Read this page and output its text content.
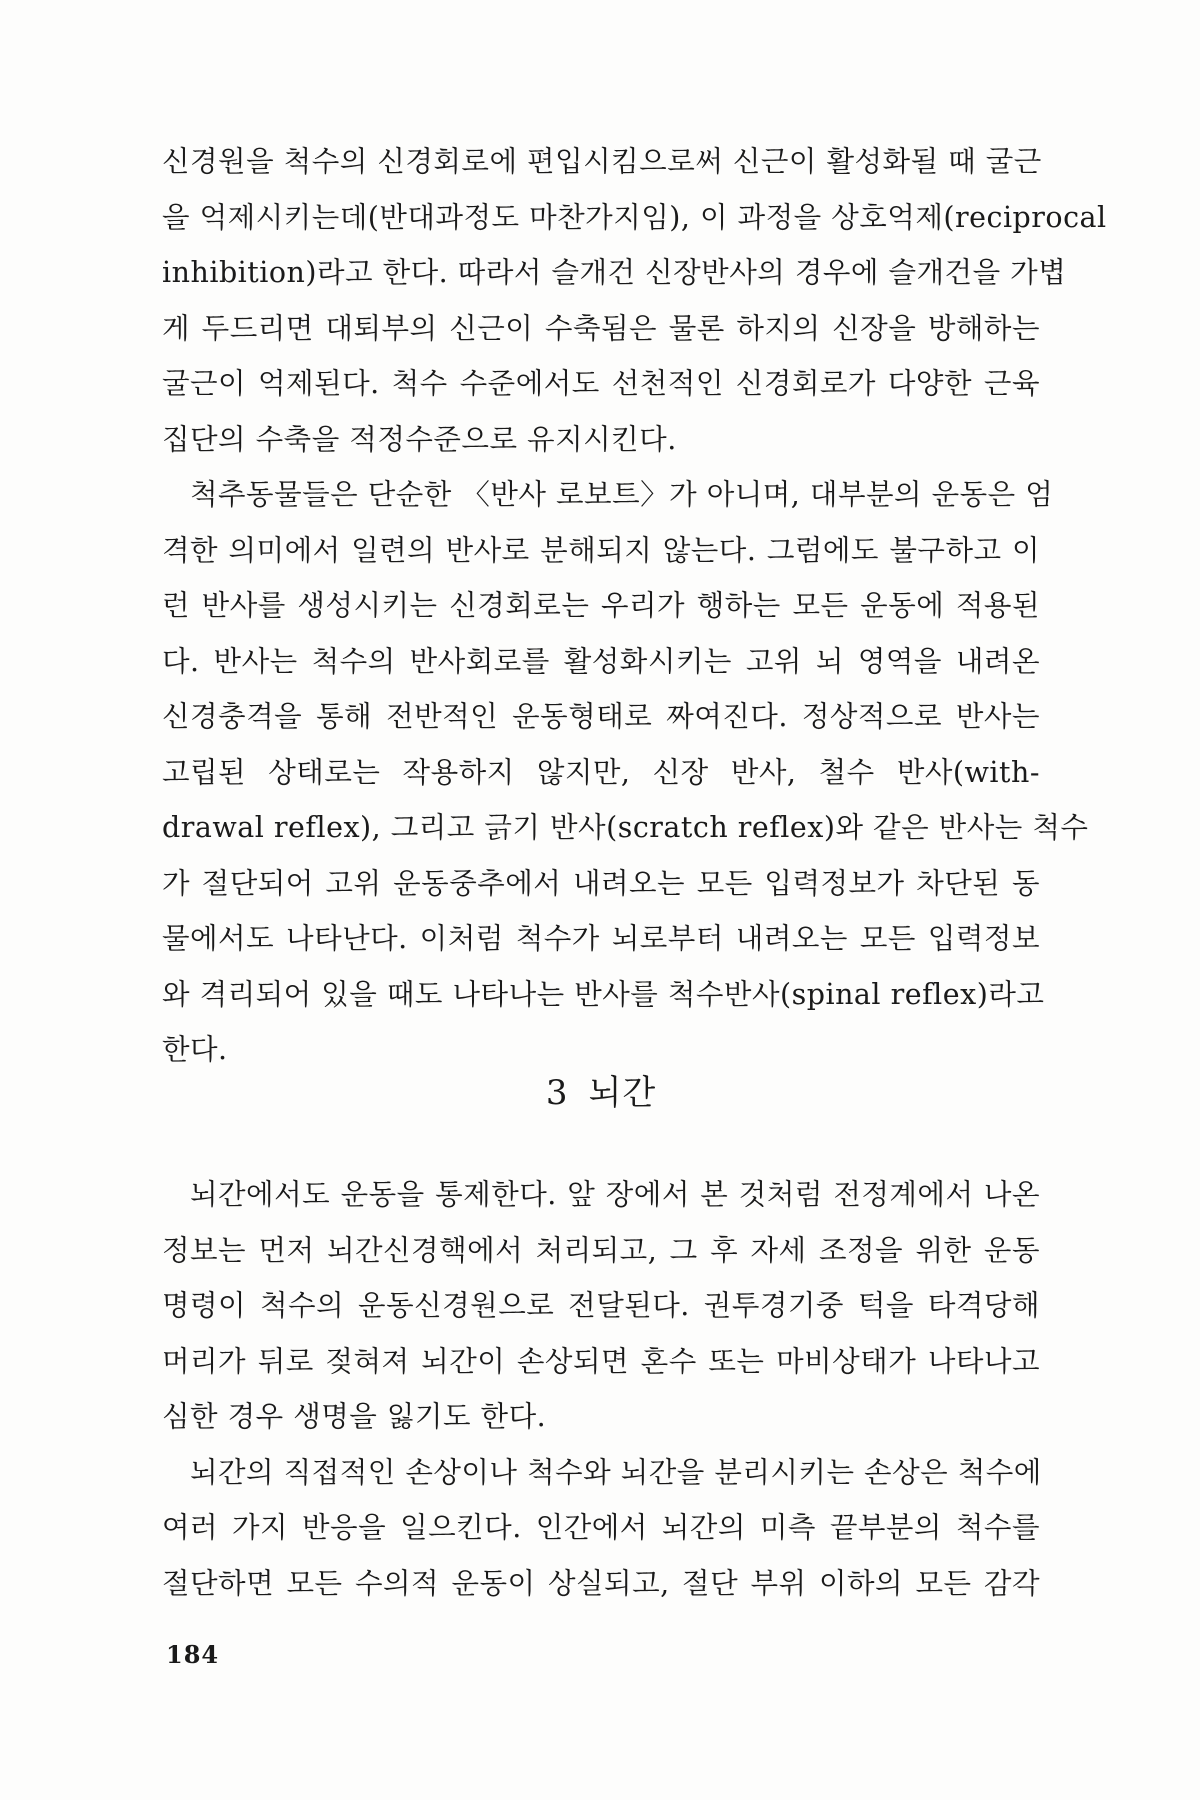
신경원을 척수의 신경회로에 편입시킴으로써 신근이 활성화될 때 굴근
을 억제시키는데(반대과정도 마찬가지임), 이 과정을 상호억제(reciprocal
inhibition)라고 한다. 따라서 슬개건 신장반사의 경우에 슬개건을 가볍
게 두드리면 대퇴부의 신근이 수축됨은 물론 하지의 신장을 방해하는
굴근이 억제된다. 척수 수준에서도 선천적인 신경회로가 다양한 근육
집단의 수축을 적정수준으로 유지시킨다.
척추동물들은 단순한 〈반사 로보트〉가 아니며, 대부분의 운동은 엄
격한 의미에서 일련의 반사로 분해되지 않는다. 그럼에도 불구하고 이
런 반사를 생성시키는 신경회로는 우리가 행하는 모든 운동에 적용된
다. 반사는 척수의 반사회로를 활성화시키는 고위 뇌 영역을 내려온
신경충격을 통해 전반적인 운동형태로 짜여진다. 정상적으로 반사는
고립된 상태로는 작용하지 않지만, 신장 반사, 철수 반사(with-
drawal reflex), 그리고 긁기 반사(scratch reflex)와 같은 반사는 척수
가 절단되어 고위 운동중추에서 내려오는 모든 입력정보가 차단된 동
물에서도 나타난다. 이처럼 척수가 뇌로부터 내려오는 모든 입력정보
와 격리되어 있을 때도 나타나는 반사를 척수반사(spinal reflex)라고
한다.
3 뇌간
뇌간에서도 운동을 통제한다. 앞 장에서 본 것처럼 전정계에서 나온
정보는 먼저 뇌간신경핵에서 처리되고, 그 후 자세 조정을 위한 운동
명령이 척수의 운동신경원으로 전달된다. 권투경기중 턱을 타격당해
머리가 뒤로 젖혀져 뇌간이 손상되면 혼수 또는 마비상태가 나타나고
심한 경우 생명을 잃기도 한다.
뇌간의 직접적인 손상이나 척수와 뇌간을 분리시키는 손상은 척수에
여러 가지 반응을 일으킨다. 인간에서 뇌간의 미측 끝부분의 척수를
절단하면 모든 수의적 운동이 상실되고, 절단 부위 이하의 모든 감각
184
